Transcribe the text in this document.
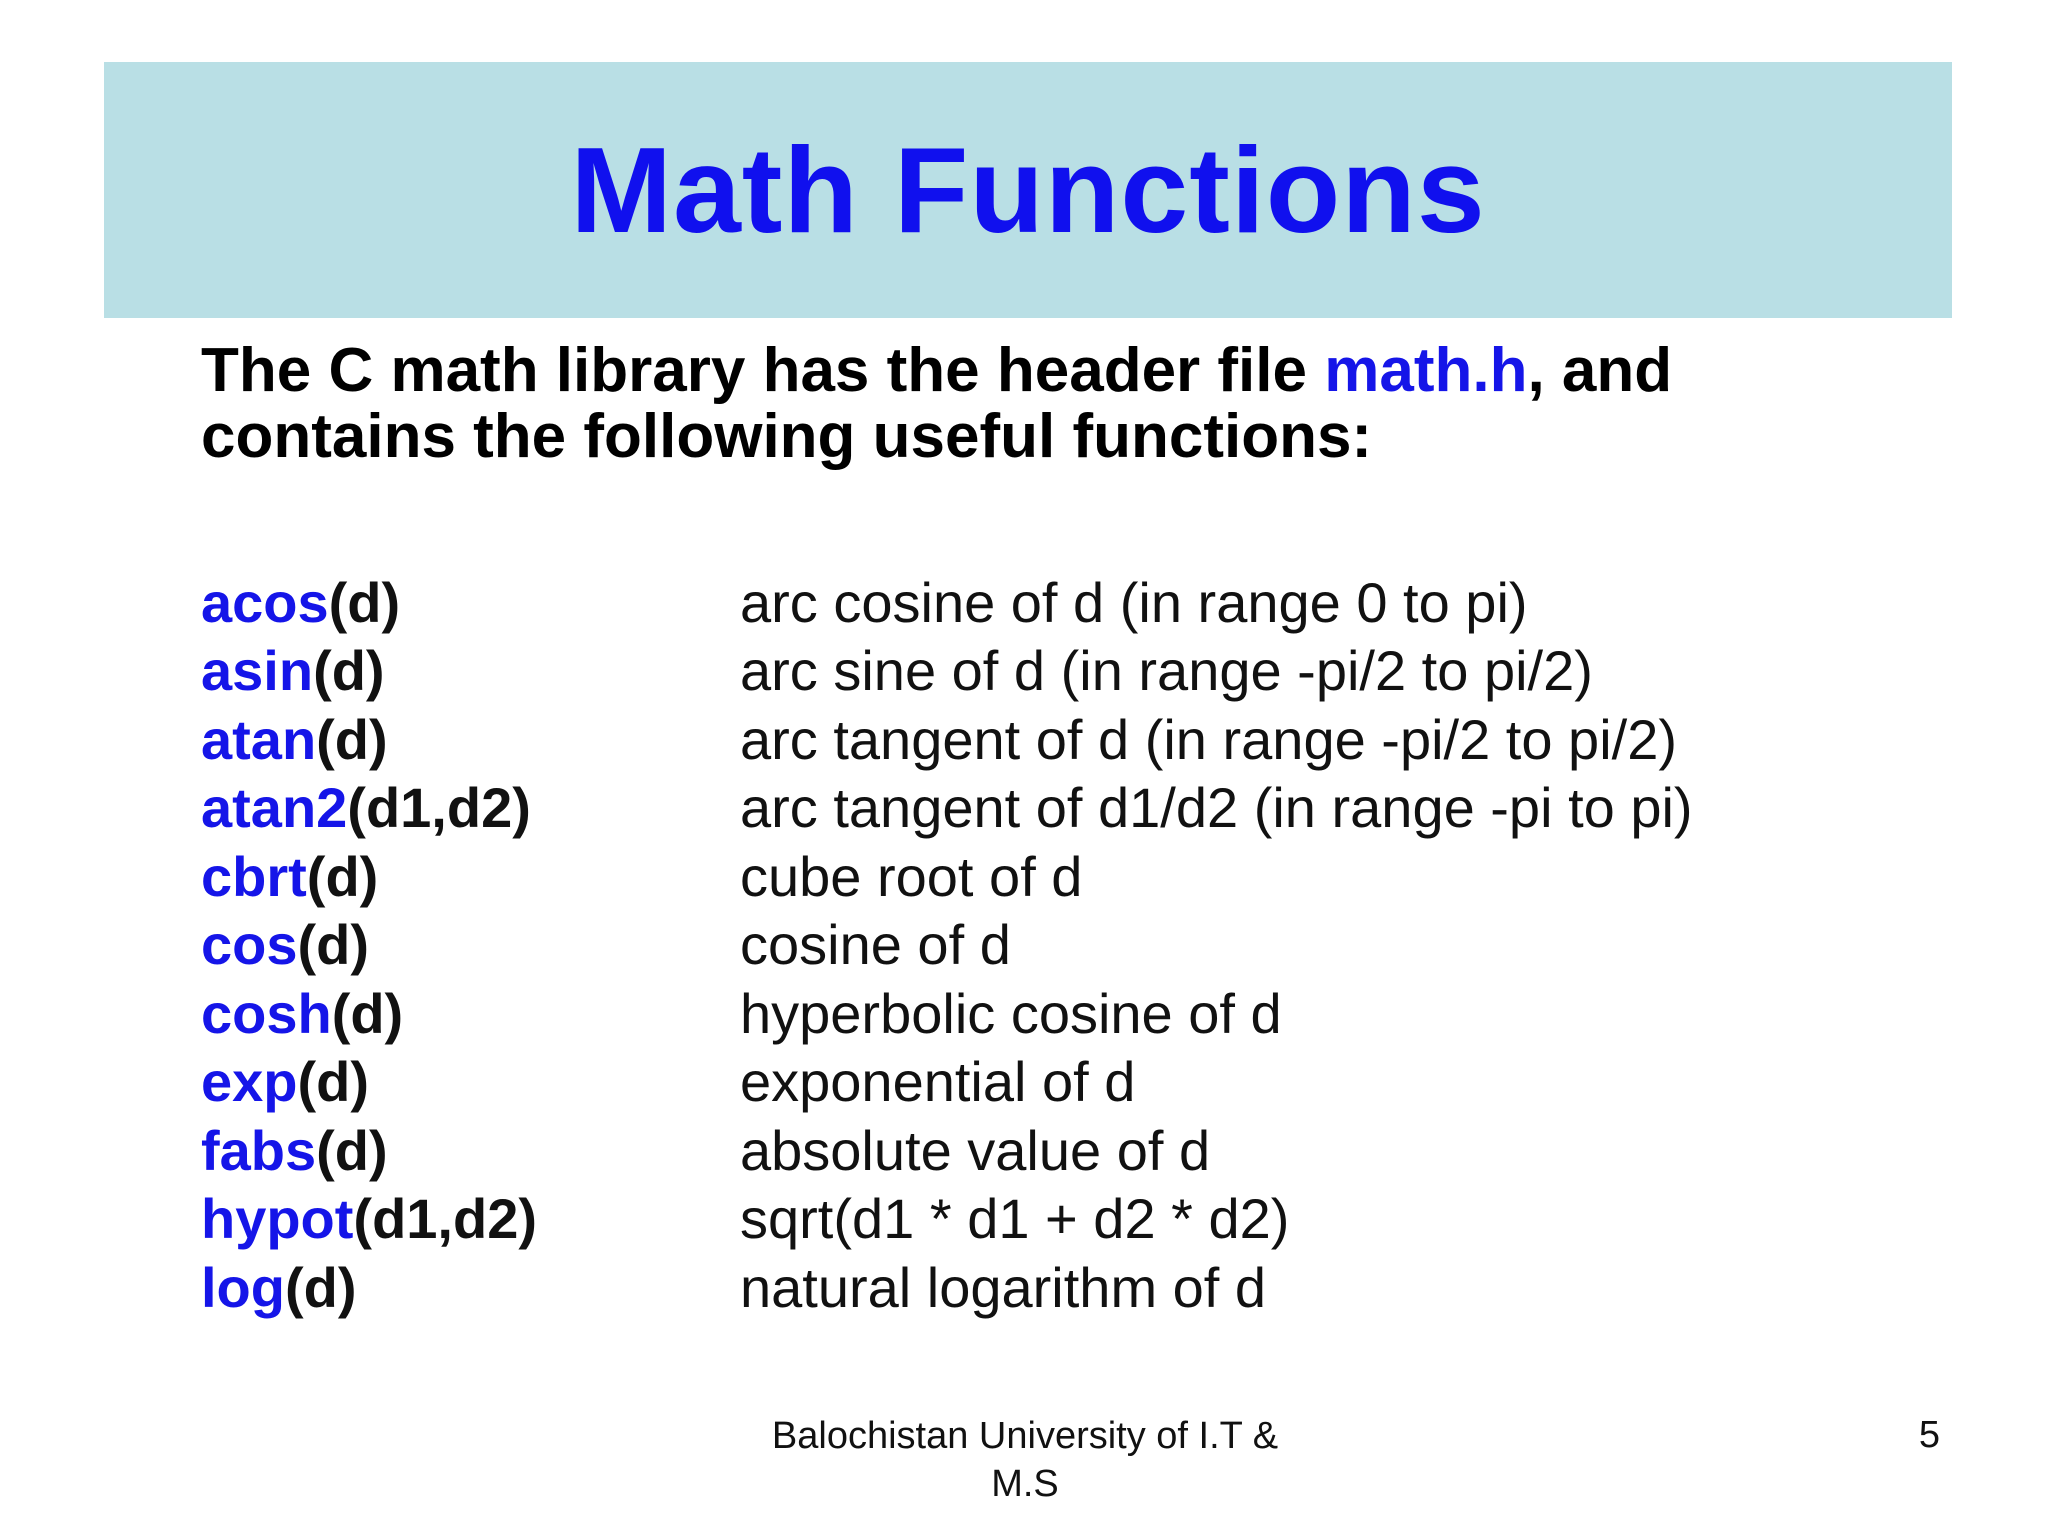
Math Functions
The C math library has the header file math.h, and contains the following useful functions:
acos(d)	arc cosine of d (in range 0 to pi)
asin(d)	arc sine of d (in range -pi/2 to pi/2)
atan(d)	arc tangent of d (in range -pi/2 to pi/2)
atan2(d1,d2)	arc tangent of d1/d2 (in range -pi to pi)
cbrt(d)	cube root of d
cos(d)	cosine of d
cosh(d)	hyperbolic cosine of d
exp(d)	exponential of d
fabs(d)	absolute value of d
hypot(d1,d2)	sqrt(d1 * d1 + d2 * d2)
log(d)	natural logarithm of d
Balochistan University of I.T & M.S
5
